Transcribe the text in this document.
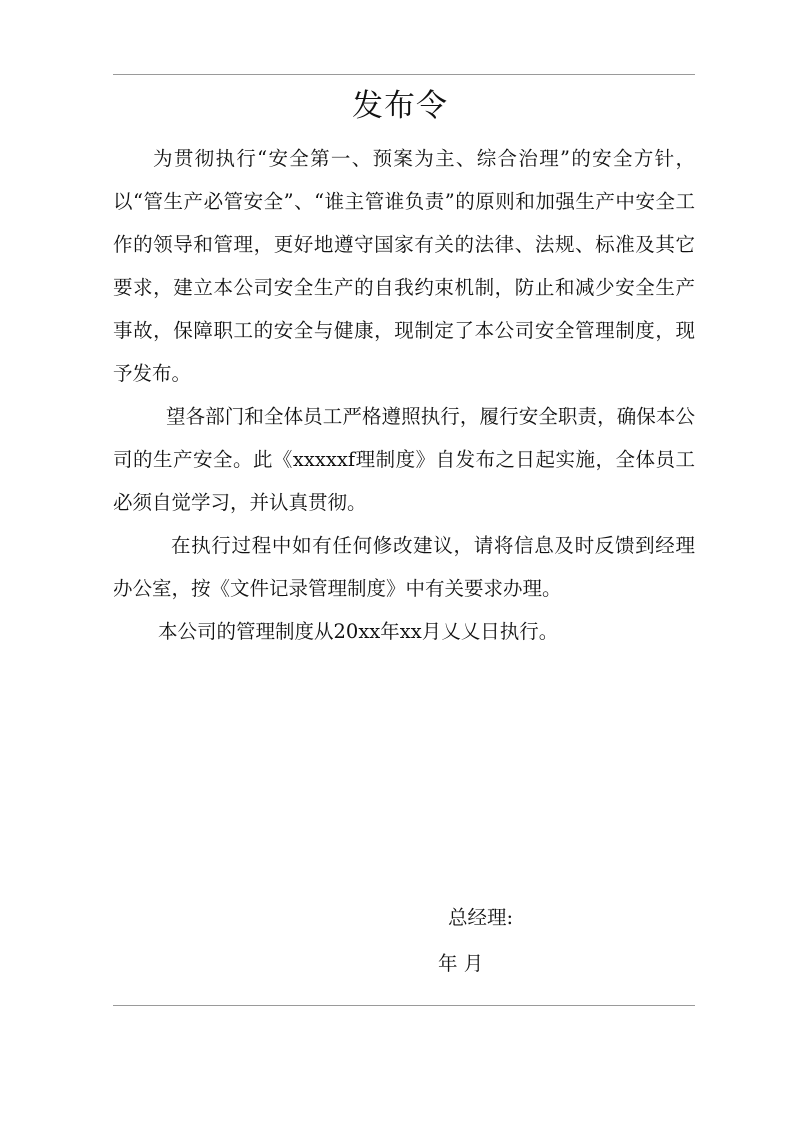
发布令

为贯彻执行“安全第一、预案为主、综合治理”的安全方针，以“管生产必管安全”、“谁主管谁负责”的原则和加强生产中安全工作的领导和管理，更好地遵守国家有关的法律、法规、标准及其它要求，建立本公司安全生产的自我约束机制，防止和减少安全生产事故，保障职工的安全与健康，现制定了本公司安全管理制度，现予发布。

望各部门和全体员工严格遵照执行，履行安全职责，确保本公司的生产安全。此《xxxxxf理制度》自发布之日起实施，全体员工必须自觉学习，并认真贯彻。

在执行过程中如有任何修改建议，请将信息及时反馈到经理办公室，按《文件记录管理制度》中有关要求办理。

本公司的管理制度从20xx年xx月乂乂日执行。

总经理:
年 月
